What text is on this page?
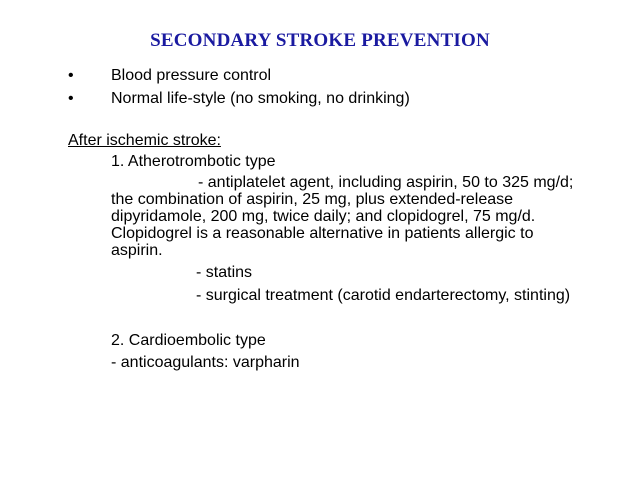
SECONDARY STROKE PREVENTION
• Blood pressure control
• Normal life-style (no smoking, no drinking)
After ischemic stroke:
1. Atherotrombotic type
- antiplatelet agent, including aspirin, 50 to 325 mg/d;
the combination of aspirin, 25 mg, plus extended-release
dipyridamole, 200 mg, twice daily; and clopidogrel, 75 mg/d.
Clopidogrel is a reasonable alternative in patients allergic to
aspirin.
- statins
- surgical treatment (carotid endarterectomy, stinting)
2. Cardioembolic type
- anticoagulants: varpharin
